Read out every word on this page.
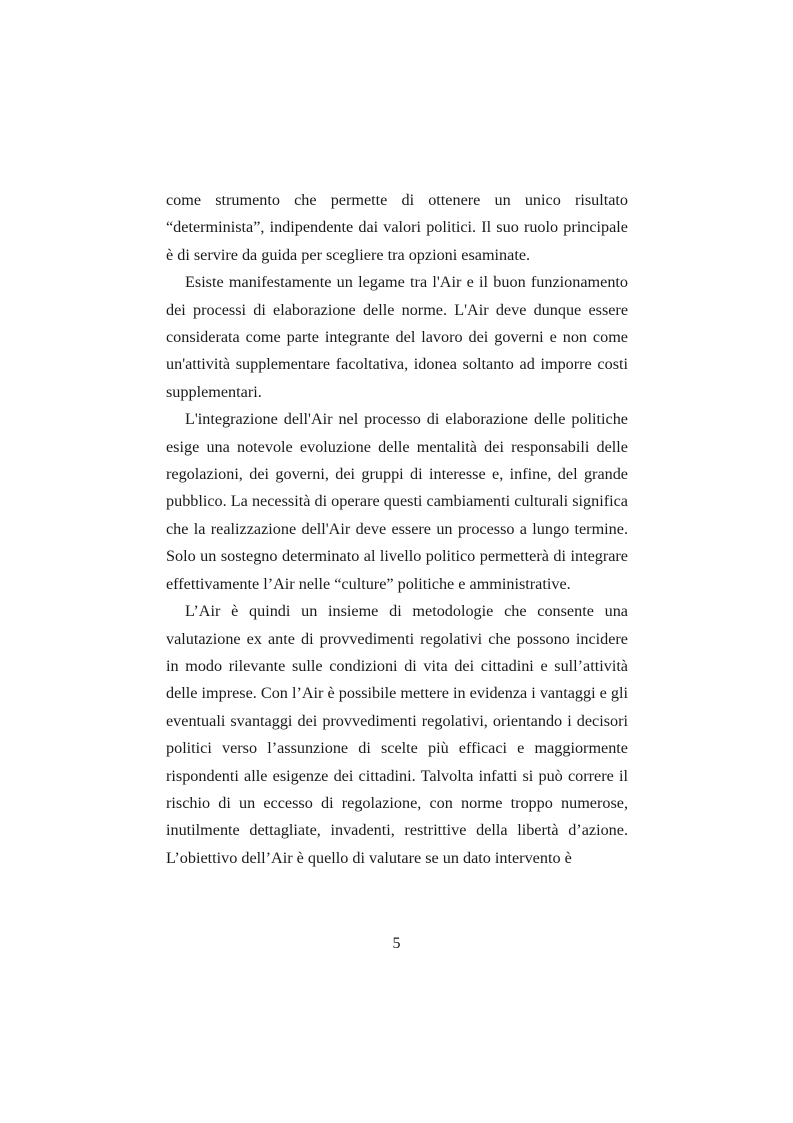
come strumento che permette di ottenere un unico risultato “determinista”, indipendente dai valori politici. Il suo ruolo principale è di servire da guida per scegliere tra opzioni esaminate.

Esiste manifestamente un legame tra l'Air e il buon funzionamento dei processi di elaborazione delle norme. L'Air deve dunque essere considerata come parte integrante del lavoro dei governi e non come un'attività supplementare facoltativa, idonea soltanto ad imporre costi supplementari.

L'integrazione dell'Air nel processo di elaborazione delle politiche esige una notevole evoluzione delle mentalità dei responsabili delle regolazioni, dei governi, dei gruppi di interesse e, infine, del grande pubblico. La necessità di operare questi cambiamenti culturali significa che la realizzazione dell'Air deve essere un processo a lungo termine. Solo un sostegno determinato al livello politico permetterà di integrare effettivamente l’Air nelle “culture” politiche e amministrative.

L’Air è quindi un insieme di metodologie che consente una valutazione ex ante di provvedimenti regolativi che possono incidere in modo rilevante sulle condizioni di vita dei cittadini e sull’attività delle imprese. Con l’Air è possibile mettere in evidenza i vantaggi e gli eventuali svantaggi dei provvedimenti regolativi, orientando i decisori politici verso l’assunzione di scelte più efficaci e maggiormente rispondenti alle esigenze dei cittadini. Talvolta infatti si può correre il rischio di un eccesso di regolazione, con norme troppo numerose, inutilmente dettagliate, invadenti, restrittive della libertà d’azione. L’obiettivo dell’Air è quello di valutare se un dato intervento è

5
